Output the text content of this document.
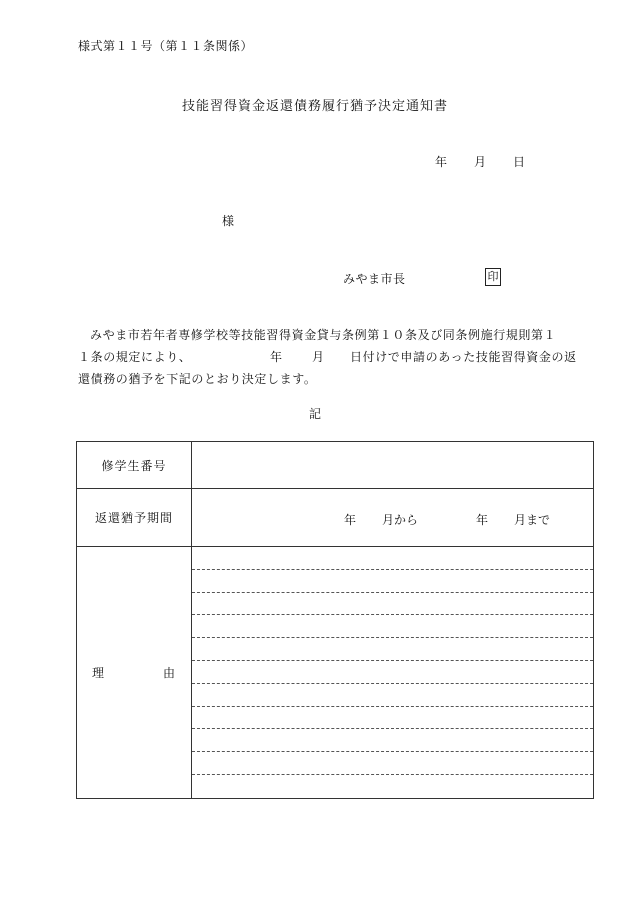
様式第１１号（第１１条関係）
技能習得資金返還債務履行猶予決定通知書
年 月 日
様
みやま市長	印
みやま市若年者専修学校等技能習得資金貸与条例第１０条及び同条例施行規則第１
１条の規定により、	年 月 日付けで申請のあった技能習得資金の返
還債務の猶予を下記のとおり決定します。
記
修学生番号	
返還猶予期間	年 月から 年 月まで

理 由	
